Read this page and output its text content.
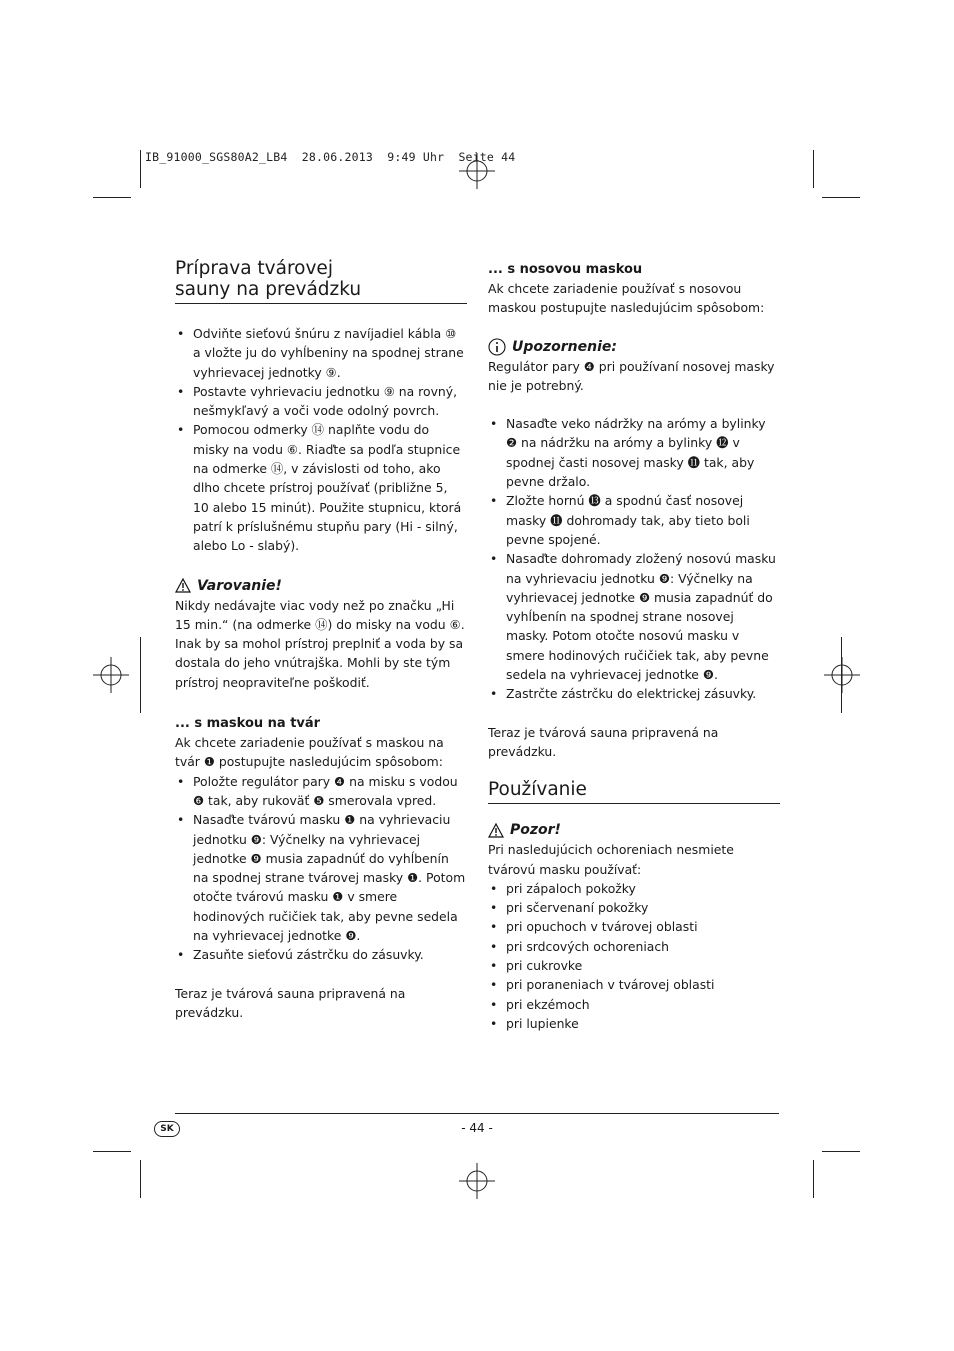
IB_91000_SGS80A2_LB4  28.06.2013  9:49 Uhr  Seite 44
Príprava tvárovej
sauny na prevádzku
• Odviňte sieťovú šnúru z navíjadiel kábla ⑩ a vložte ju do vyhĺbeniny na spodnej strane vyhrievacej jednotky ⑨.
• Postavte vyhrievaciu jednotku ⑨ na rovný, nešmykľavý a voči vode odolný povrch.
• Pomocou odmerky ⑭ naplňte vodu do misky na vodu ⑥. Riaďte sa podľa stupnice na odmerke ⑭, v závislosti od toho, ako dlho chcete prístroj používať (približne 5, 10 alebo 15 minút). Použite stupnicu, ktorá patrí k príslušnému stupňu pary (Hi - silný, alebo Lo - slabý).
Varovanie!

Nikdy nedávajte viac vody než po značku „Hi 15 min.“ (na odmerke ⑭) do misky na vodu ⑥. Inak by sa mohol prístroj preplniť a voda by sa dostala do jeho vnútrajška. Mohli by ste tým prístroj neopraviteľne poškodiť.

... s maskou na tvár

Ak chcete zariadenie používať s maskou na tvár ❶ postupujte nasledujúcim spôsobom:

• Položte regulátor pary ❹ na misku s vodou ❻ tak, aby rukoväť ❺ smerovala vpred.
• Nasaďte tvárovú masku ❶ na vyhrievaciu jednotku ❾: Výčnelky na vyhrievacej jednotke ❾ musia zapadnúť do vyhĺbenín na spodnej strane tvárovej masky ❶. Potom otočte tvárovú masku ❶ v smere hodinových ručičiek tak, aby pevne sedela na vyhrievacej jednotke ❾.
• Zasuňte sieťovú zástrčku do zásuvky.

Teraz je tvárová sauna pripravená na prevádzku.

... s nosovou maskou

Ak chcete zariadenie používať s nosovou maskou postupujte nasledujúcim spôsobom:

Upozornenie:

Regulátor pary ❹ pri používaní nosovej masky nie je potrebný.

• Nasaďte veko nádržky na arómy a bylinky ❷ na nádržku na arómy a bylinky ⓬ v spodnej časti nosovej masky ⓫ tak, aby pevne držalo.
• Zložte hornú ⓭ a spodnú časť nosovej masky ⓫ dohromady tak, aby tieto boli pevne spojené.
• Nasaďte dohromady zložený nosovú masku na vyhrievaciu jednotku ❾: Výčnelky na vyhrievacej jednotke ❾ musia zapadnúť do vyhĺbenín na spodnej strane nosovej masky. Potom otočte nosovú masku v smere hodinových ručičiek tak, aby pevne sedela na vyhrievacej jednotke ❾.
• Zastrčte zástrčku do elektrickej zásuvky.

Teraz je tvárová sauna pripravená na prevádzku.

Používanie
Pozor!

Pri nasledujúcich ochoreniach nesmiete tvárovú masku používať:

• pri zápaloch pokožky
• pri sčervenaní pokožky
• pri opuchoch v tvárovej oblasti
• pri srdcových ochoreniach
• pri cukrovke
• pri poraneniach v tvárovej oblasti
• pri ekzémoch
• pri lupienke
SK	- 44 -
